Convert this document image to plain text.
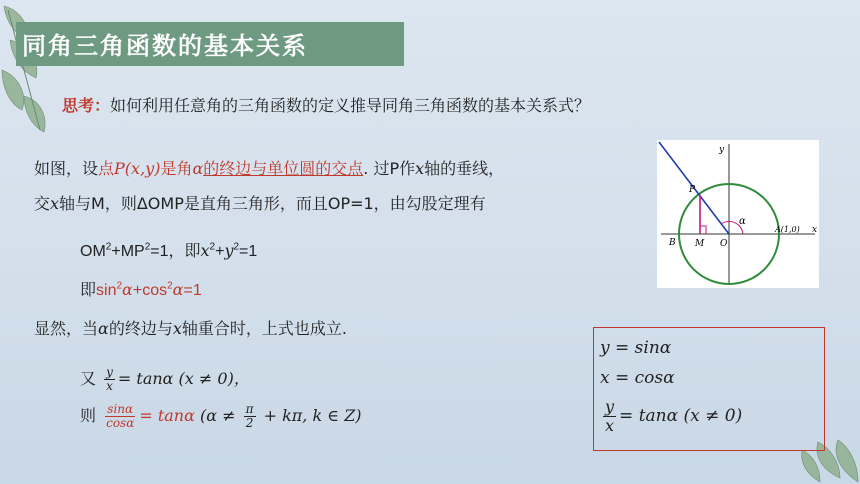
同角三角函数的基本关系
思考：如何利用任意角的三角函数的定义推导同角三角函数的基本关系式？
如图，设点P(x,y)是角α的终边与单位圆的交点. 过P作x轴的垂线，
交x轴与M，则ΔOMP是直角三角形，而且OP=1，由勾股定理有
$OM^2+MP^2=1$，即$x^2+y^2=1$
即$\sin^2\alpha+\cos^2\alpha=1$
显然，当α的终边与x轴重合时，上式也成立.
又 $\frac{y}{x} = \tan\alpha$ (x ≠ 0)，
则 $\frac{\sin\alpha}{\cos\alpha} = \tan\alpha$ ($\alpha \ne \frac{\pi}{2} + k\pi$, k ∈ Z)
y
x
P
B M O
A(1,0)
α
y = sinα
x = cosα
$\frac{y}{x} = \tan\alpha$ (x ≠ 0)
